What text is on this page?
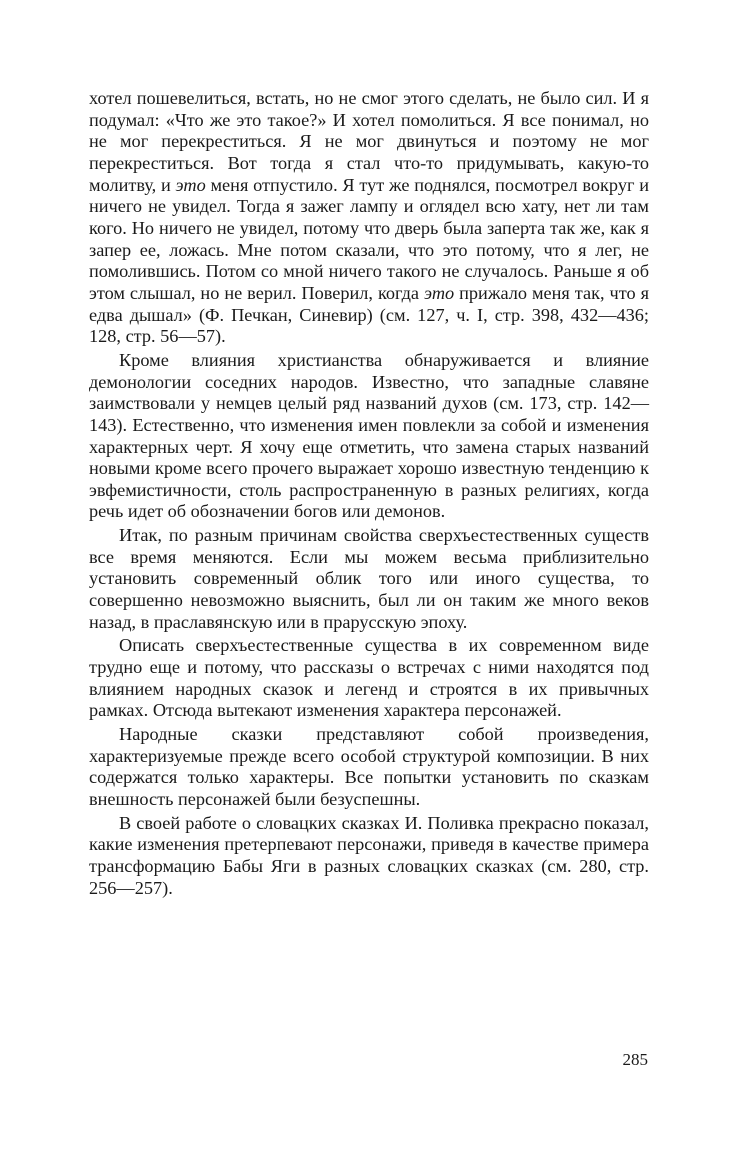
хотел пошевелиться, встать, но не смог этого сделать, не было сил. И я подумал: «Что же это такое?» И хотел помолиться. Я все понимал, но не мог перекреститься. Я не мог двинуться и поэтому не мог перекреститься. Вот тогда я стал что-то придумывать, какую-то молитву, и это меня отпустило. Я тут же поднялся, посмотрел вокруг и ничего не увидел. Тогда я зажег лампу и оглядел всю хату, нет ли там кого. Но ничего не увидел, потому что дверь была заперта так же, как я запер ее, ложась. Мне потом сказали, что это потому, что я лег, не помолившись. Потом со мной ничего такого не случалось. Раньше я об этом слышал, но не верил. Поверил, когда это прижало меня так, что я едва дышал» (Ф. Печкан, Синевир) (см. 127, ч. I, стр. 398, 432—436; 128, стр. 56—57).

Кроме влияния христианства обнаруживается и влияние демонологии соседних народов. Известно, что западные славяне заимствовали у немцев целый ряд названий духов (см. 173, стр. 142—143). Естественно, что изменения имен повлекли за собой и изменения характерных черт. Я хочу еще отметить, что замена старых названий новыми кроме всего прочего выражает хорошо известную тенденцию к эвфемистичности, столь распространенную в разных религиях, когда речь идет об обозначении богов или демонов.

Итак, по разным причинам свойства сверхъестественных существ все время меняются. Если мы можем весьма приблизительно установить современный облик того или иного существа, то совершенно невозможно выяснить, был ли он таким же много веков назад, в праславянскую или в прарусскую эпоху.

Описать сверхъестественные существа в их современном виде трудно еще и потому, что рассказы о встречах с ними находятся под влиянием народных сказок и легенд и строятся в их привычных рамках. Отсюда вытекают изменения характера персонажей.

Народные сказки представляют собой произведения, характеризуемые прежде всего особой структурой композиции. В них содержатся только характеры. Все попытки установить по сказкам внешность персонажей были безуспешны.

В своей работе о словацких сказках И. Поливка прекрасно показал, какие изменения претерпевают персонажи, приведя в качестве примера трансформацию Бабы Яги в разных словацких сказках (см. 280, стр. 256—257).

285
